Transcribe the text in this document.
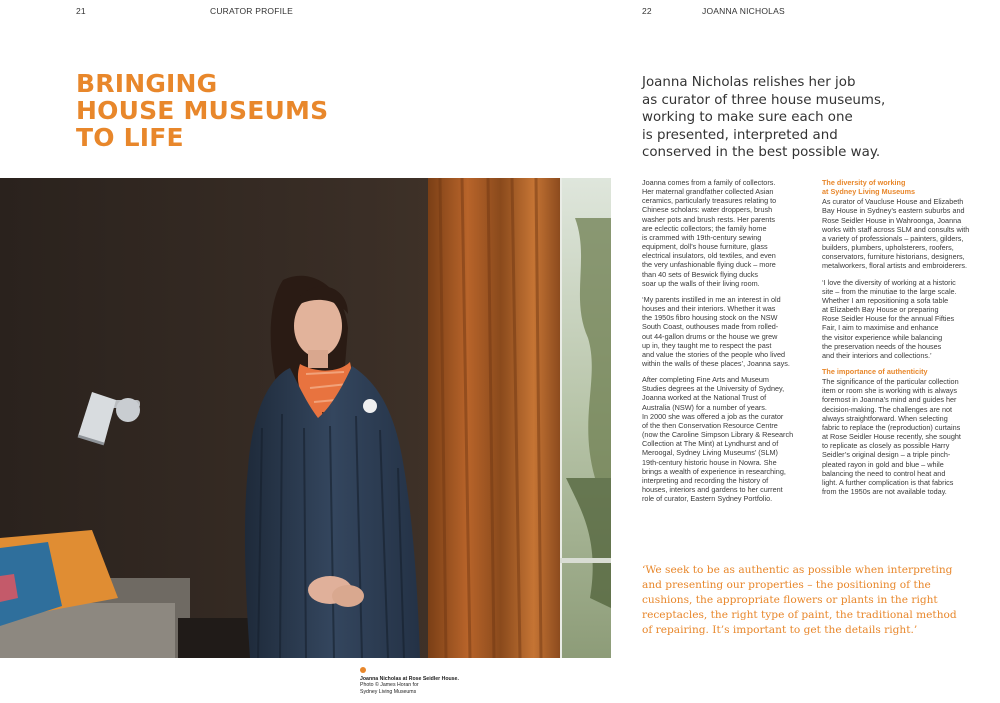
21	CURATOR PROFILE	22	JOANNA NICHOLAS
BRINGING
HOUSE MUSEUMS
TO LIFE
Joanna Nicholas relishes her job
as curator of three house museums,
working to make sure each one
is presented, interpreted and
conserved in the best possible way.
Joanna Nicholas at Rose Seidler House.
Photo © James Horan for
Sydney Living Museums

Joanna comes from a family of collectors.
Her maternal grandfather collected Asian
ceramics, particularly treasures relating to
Chinese scholars: water droppers, brush
washer pots and brush rests. Her parents
are eclectic collectors; the family home
is crammed with 19th-century sewing
equipment, doll’s house furniture, glass
electrical insulators, old textiles, and even
the very unfashionable flying duck – more
than 40 sets of Beswick flying ducks
soar up the walls of their living room.

‘My parents instilled in me an interest in old
houses and their interiors. Whether it was
the 1950s fibro housing stock on the NSW
South Coast, outhouses made from rolled-
out 44-gallon drums or the house we grew
up in, they taught me to respect the past
and value the stories of the people who lived
within the walls of these places’, Joanna says.

After completing Fine Arts and Museum
Studies degrees at the University of Sydney,
Joanna worked at the National Trust of
Australia (NSW) for a number of years.
In 2000 she was offered a job as the curator
of the then Conservation Resource Centre
(now the Caroline Simpson Library & Research
Collection at The Mint) at Lyndhurst and of
Meroogal, Sydney Living Museums’ (SLM)
19th-century historic house in Nowra. She
brings a wealth of experience in researching,
interpreting and recording the history of
houses, interiors and gardens to her current
role of curator, Eastern Sydney Portfolio.

The diversity of working
at Sydney Living Museums

As curator of Vaucluse House and Elizabeth
Bay House in Sydney’s eastern suburbs and
Rose Seidler House in Wahroonga, Joanna
works with staff across SLM and consults with
a variety of professionals – painters, gilders,
builders, plumbers, upholsterers, roofers,
conservators, furniture historians, designers,
metalworkers, floral artists and embroiderers.

‘I love the diversity of working at a historic
site – from the minutiae to the large scale.
Whether I am repositioning a sofa table
at Elizabeth Bay House or preparing
Rose Seidler House for the annual Fifties
Fair, I aim to maximise and enhance
the visitor experience while balancing
the preservation needs of the houses
and their interiors and collections.’

The importance of authenticity

The significance of the particular collection
item or room she is working with is always
foremost in Joanna’s mind and guides her
decision-making. The challenges are not
always straightforward. When selecting
fabric to replace the (reproduction) curtains
at Rose Seidler House recently, she sought
to replicate as closely as possible Harry
Seidler’s original design – a triple pinch-
pleated rayon in gold and blue – while
balancing the need to control heat and
light. A further complication is that fabrics
from the 1950s are not available today.

‘We seek to be as authentic as possible when interpreting
and presenting our properties – the positioning of the
cushions, the appropriate flowers or plants in the right
receptacles, the right type of paint, the traditional method
of repairing. It’s important to get the details right.’
